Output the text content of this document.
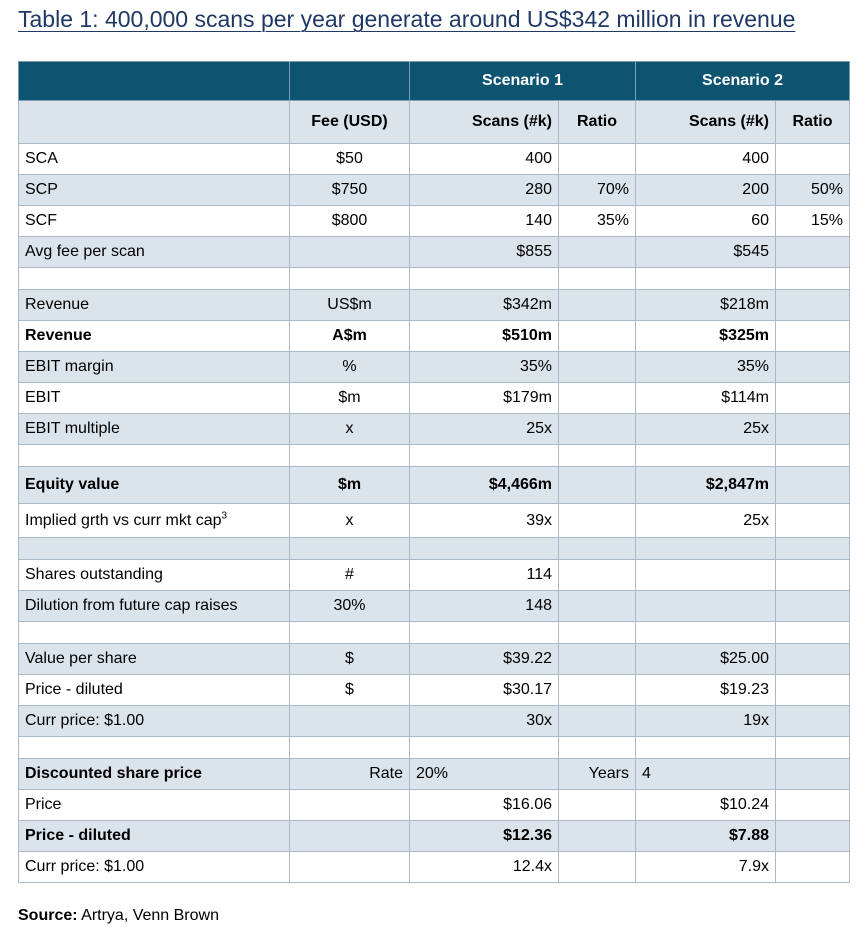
Table 1: 400,000 scans per year generate around US$342 million in revenue
		Scenario 1		Scenario 2	
	Fee (USD)	Scans (#k)	Ratio	Scans (#k)	Ratio
SCA	$50	400		400	
SCP	$750	280	70%	200	50%
SCF	$800	140	35%	60	15%
Avg fee per scan		$855		$545	

Revenue	US$m	$342m		$218m	
Revenue	A$m	$510m		$325m	
EBIT margin	%	35%		35%	
EBIT	$m	$179m		$114m	
EBIT multiple	x	25x		25x	

Equity value	$m	$4,466m		$2,847m	
Implied grth vs curr mkt cap$^3$	x	39x		25x	

Shares outstanding	#	114			
Dilution from future cap raises	30%	148			

Value per share	$	$39.22		$25.00	
Price - diluted	$	$30.17		$19.23	
Curr price: $1.00		30x		19x	

Discounted share price	Rate	20%	Years	4	
Price		$16.06		$10.24	
Price - diluted		$12.36		$7.88	
Curr price: $1.00		12.4x		7.9x	
Source: Artrya, Venn Brown
